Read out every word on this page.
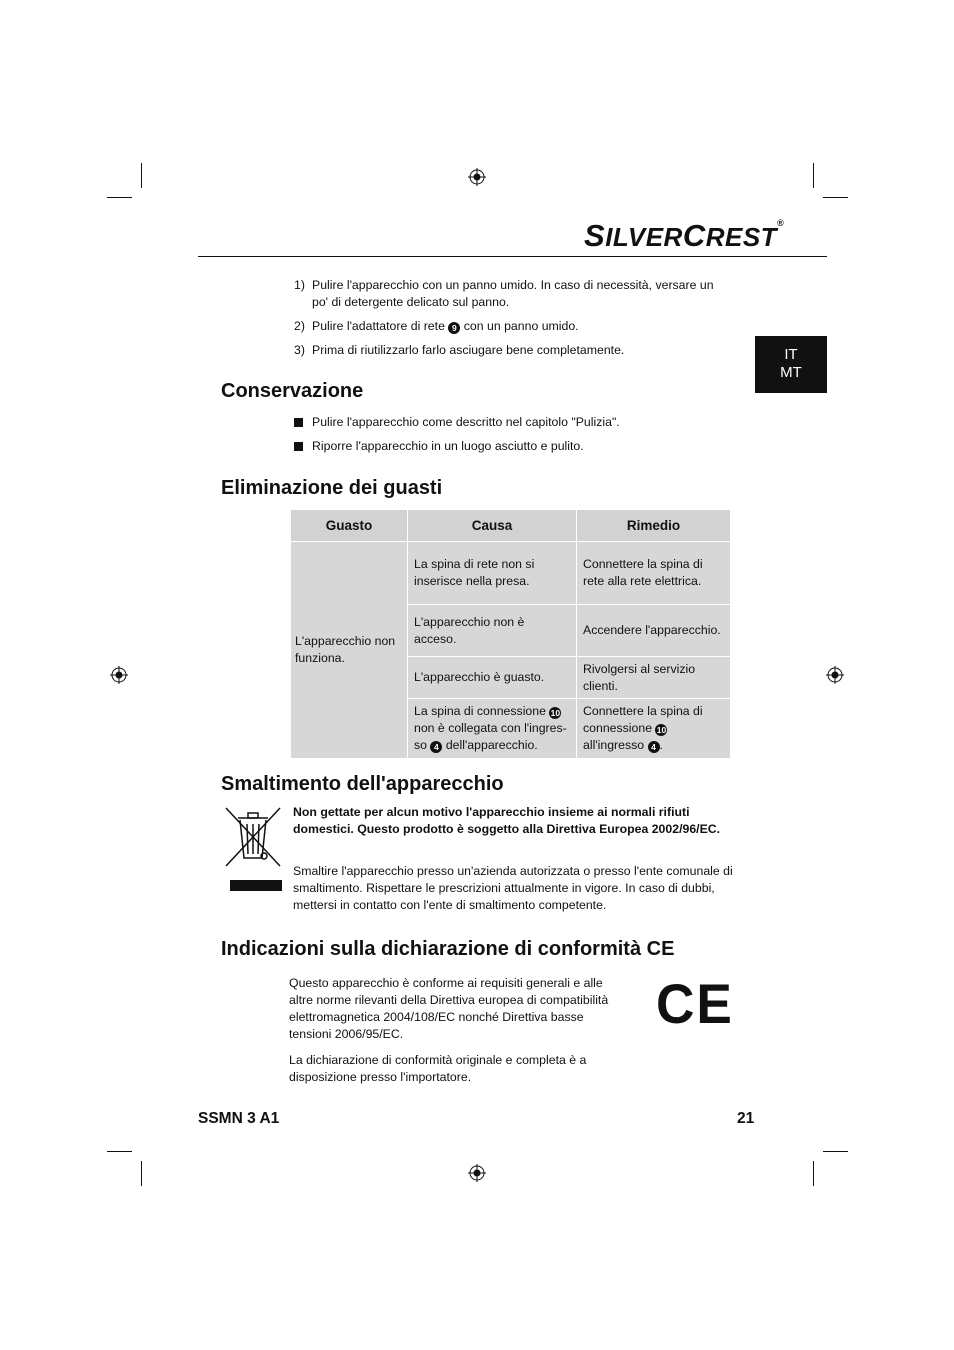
SILVERCREST®
IT
MT
1) Pulire l'apparecchio con un panno umido. In caso di necessità, versare un po' di detergente delicato sul panno.
2) Pulire l'adattatore di rete 9 con un panno umido.
3) Prima di riutilizzarlo farlo asciugare bene completamente.
Conservazione
Pulire l'apparecchio come descritto nel capitolo "Pulizia".
Riporre l'apparecchio in un luogo asciutto e pulito.
Eliminazione dei guasti
Guasto	Causa	Rimedio
L'apparecchio non funziona.	La spina di rete non si inserisce nella presa.	Connettere la spina di rete alla rete elettrica.
	L'apparecchio non è acceso.	Accendere l'apparecchio.
	L'apparecchio è guasto.	Rivolgersi al servizio clienti.
	La spina di connessione 10 non è collegata con l'ingres-so 4 dell'apparecchio.	Connettere la spina di connessione 10 all'ingresso 4 .
Smaltimento dell'apparecchio
Non gettate per alcun motivo l'apparecchio insieme ai normali rifiuti domestici. Questo prodotto è soggetto alla Direttiva Europea 2002/96/EC.
Smaltire l'apparecchio presso un'azienda autorizzata o presso l'ente comunale di smaltimento. Rispettare le prescrizioni attualmente in vigore. In caso di dubbi, mettersi in contatto con l'ente di smaltimento competente.
Indicazioni sulla dichiarazione di conformità CE
Questo apparecchio è conforme ai requisiti generali e alle altre norme rilevanti della Direttiva europea di compatibilità elettromagnetica 2004/108/EC nonché Direttiva basse tensioni 2006/95/EC.
La dichiarazione di conformità originale e completa è a disposizione presso l'importatore.
CE
SSMN 3 A1	21
